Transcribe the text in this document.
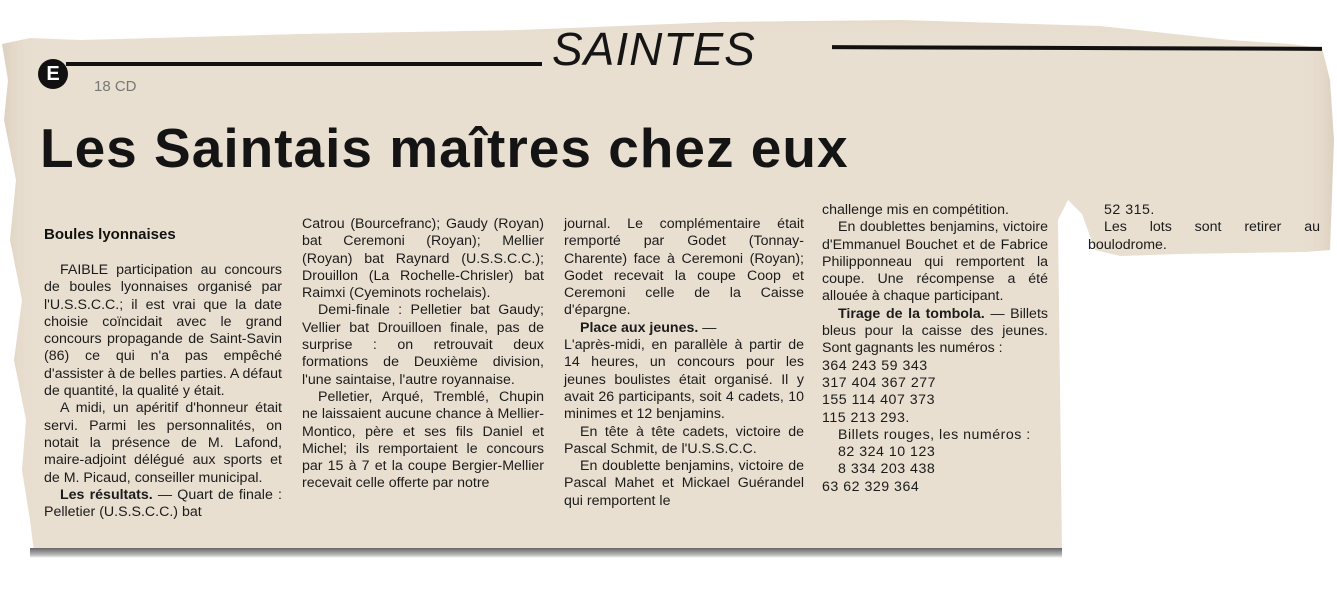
E	SAINTES
18 CD
Les Saintais maîtres chez eux
Boules lyonnaises

FAIBLE participation au concours de boules lyonnaises organisé par l'U.S.S.C.C.; il est vrai que la date choisie coïncidait avec le grand concours propagande de Saint-Savin (86) ce qui n'a pas empêché d'assister à de belles parties. A défaut de quantité, la qualité y était.

A midi, un apéritif d'honneur était servi. Parmi les personnalités, on notait la présence de M. Lafond, maire-adjoint délégué aux sports et de M. Picaud, conseiller municipal.

Les résultats. — Quart de finale : Pelletier (U.S.S.C.C.) bat

Catrou (Bourcefranc); Gaudy (Royan) bat Ceremoni (Royan); Mellier (Royan) bat Raynard (U.S.S.C.C.); Drouillon (La Rochelle-Chrisler) bat Raimxi (Cyeminots rochelais).

Demi-finale : Pelletier bat Gaudy; Vellier bat Drouilloen finale, pas de surprise : on retrouvait deux formations de Deuxième division, l'une saintaise, l'autre royannaise.

Pelletier, Arqué, Tremblé, Chupin ne laissaient aucune chance à Mellier-Montico, père et ses fils Daniel et Michel; ils remportaient le concours par 15 à 7 et la coupe Bergier-Mellier recevait celle offerte par notre

journal. Le complémentaire était remporté par Godet (Tonnay-Charente) face à Ceremoni (Royan); Godet recevait la coupe Coop et Ceremoni celle de la Caisse d'épargne.

Place aux jeunes. —

L'après-midi, en parallèle à partir de 14 heures, un concours pour les jeunes boulistes était organisé. Il y avait 26 participants, soit 4 cadets, 10 minimes et 12 benjamins.

En tête à tête cadets, victoire de Pascal Schmit, de l'U.S.S.C.C.

En doublette benjamins, victoire de Pascal Mahet et Mickael Guérandel qui remportent le

challenge mis en compétition.

En doublettes benjamins, victoire d'Emmanuel Bouchet et de Fabrice Philipponneau qui remportent la coupe. Une récompense a été allouée à chaque participant.

Tirage de la tombola. — Billets bleus pour la caisse des jeunes. Sont gagnants les numéros :

364 243 59 343

317 404 367 277

155 114 407 373

115 213 293.

Billets rouges, les numéros :

82 324 10 123

8 334 203 438

63 62 329 364

52 315.

Les lots sont retirer au boulodrome.
